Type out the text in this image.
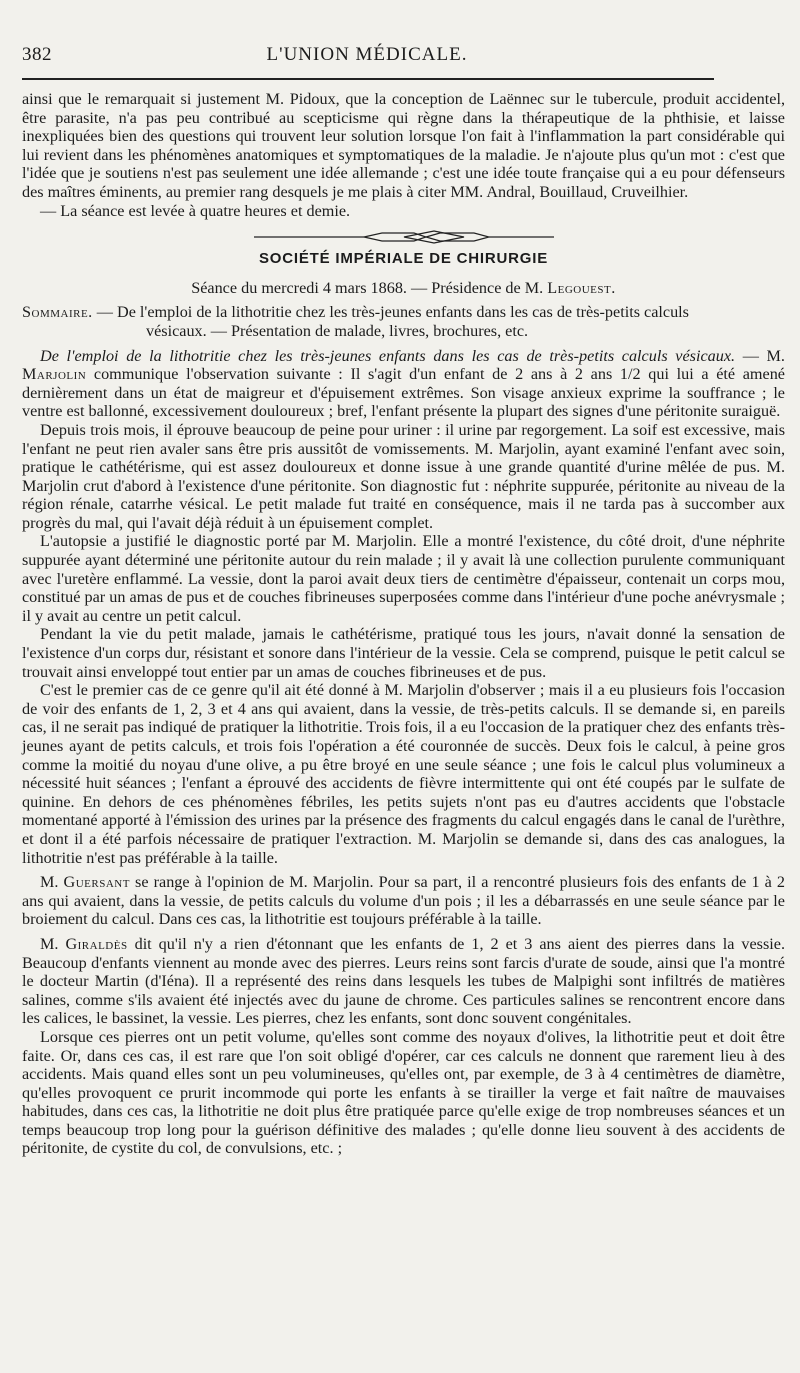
382	L'UNION MÉDICALE.

ainsi que le remarquait si justement M. Pidoux, que la conception de Laënnec sur le tubercule, produit accidentel, être parasite, n'a pas peu contribué au scepticisme qui règne dans la thérapeutique de la phthisie, et laisse inexpliquées bien des questions qui trouvent leur solution lorsque l'on fait à l'inflammation la part considérable qui lui revient dans les phénomènes anatomiques et symptomatiques de la maladie. Je n'ajoute plus qu'un mot : c'est que l'idée que je soutiens n'est pas seulement une idée allemande ; c'est une idée toute française qui a eu pour défenseurs des maîtres éminents, au premier rang desquels je me plais à citer MM. Andral, Bouillaud, Cruveilhier.

— La séance est levée à quatre heures et demie.

SOCIÉTÉ IMPÉRIALE DE CHIRURGIE
Séance du mercredi 4 mars 1868. — Présidence de M. Legouest.

Sommaire. — De l'emploi de la lithotritie chez les très-jeunes enfants dans les cas de très-petits calculs
vésicaux. — Présentation de malade, livres, brochures, etc.

De l'emploi de la lithotritie chez les très-jeunes enfants dans les cas de très-petits calculs vésicaux. — M. Marjolin communique l'observation suivante : Il s'agit d'un enfant de 2 ans à 2 ans 1/2 qui lui a été amené dernièrement dans un état de maigreur et d'épuisement extrêmes. Son visage anxieux exprime la souffrance ; le ventre est ballonné, excessivement douloureux ; bref, l'enfant présente la plupart des signes d'une péritonite suraiguë.

Depuis trois mois, il éprouve beaucoup de peine pour uriner : il urine par regorgement. La soif est excessive, mais l'enfant ne peut rien avaler sans être pris aussitôt de vomissements. M. Marjolin, ayant examiné l'enfant avec soin, pratique le cathétérisme, qui est assez douloureux et donne issue à une grande quantité d'urine mêlée de pus. M. Marjolin crut d'abord à l'existence d'une péritonite. Son diagnostic fut : néphrite suppurée, péritonite au niveau de la région rénale, catarrhe vésical. Le petit malade fut traité en conséquence, mais il ne tarda pas à succomber aux progrès du mal, qui l'avait déjà réduit à un épuisement complet.

L'autopsie a justifié le diagnostic porté par M. Marjolin. Elle a montré l'existence, du côté droit, d'une néphrite suppurée ayant déterminé une péritonite autour du rein malade ; il y avait là une collection purulente communiquant avec l'uretère enflammé. La vessie, dont la paroi avait deux tiers de centimètre d'épaisseur, contenait un corps mou, constitué par un amas de pus et de couches fibrineuses superposées comme dans l'intérieur d'une poche anévrysmale ; il y avait au centre un petit calcul.

Pendant la vie du petit malade, jamais le cathétérisme, pratiqué tous les jours, n'avait donné la sensation de l'existence d'un corps dur, résistant et sonore dans l'intérieur de la vessie. Cela se comprend, puisque le petit calcul se trouvait ainsi enveloppé tout entier par un amas de couches fibrineuses et de pus.

C'est le premier cas de ce genre qu'il ait été donné à M. Marjolin d'observer ; mais il a eu plusieurs fois l'occasion de voir des enfants de 1, 2, 3 et 4 ans qui avaient, dans la vessie, de très-petits calculs. Il se demande si, en pareils cas, il ne serait pas indiqué de pratiquer la lithotritie. Trois fois, il a eu l'occasion de la pratiquer chez des enfants très-jeunes ayant de petits calculs, et trois fois l'opération a été couronnée de succès. Deux fois le calcul, à peine gros comme la moitié du noyau d'une olive, a pu être broyé en une seule séance ; une fois le calcul plus volumineux a nécessité huit séances ; l'enfant a éprouvé des accidents de fièvre intermittente qui ont été coupés par le sulfate de quinine. En dehors de ces phénomènes fébriles, les petits sujets n'ont pas eu d'autres accidents que l'obstacle momentané apporté à l'émission des urines par la présence des fragments du calcul engagés dans le canal de l'urèthre, et dont il a été parfois nécessaire de pratiquer l'extraction. M. Marjolin se demande si, dans des cas analogues, la lithotritie n'est pas préférable à la taille.

M. Guersant se range à l'opinion de M. Marjolin. Pour sa part, il a rencontré plusieurs fois des enfants de 1 à 2 ans qui avaient, dans la vessie, de petits calculs du volume d'un pois ; il les a débarrassés en une seule séance par le broiement du calcul. Dans ces cas, la lithotritie est toujours préférable à la taille.

M. Giraldès dit qu'il n'y a rien d'étonnant que les enfants de 1, 2 et 3 ans aient des pierres dans la vessie. Beaucoup d'enfants viennent au monde avec des pierres. Leurs reins sont farcis d'urate de soude, ainsi que l'a montré le docteur Martin (d'Iéna). Il a représenté des reins dans lesquels les tubes de Malpighi sont infiltrés de matières salines, comme s'ils avaient été injectés avec du jaune de chrome. Ces particules salines se rencontrent encore dans les calices, le bassinet, la vessie. Les pierres, chez les enfants, sont donc souvent congénitales.

Lorsque ces pierres ont un petit volume, qu'elles sont comme des noyaux d'olives, la lithotritie peut et doit être faite. Or, dans ces cas, il est rare que l'on soit obligé d'opérer, car ces calculs ne donnent que rarement lieu à des accidents. Mais quand elles sont un peu volumineuses, qu'elles ont, par exemple, de 3 à 4 centimètres de diamètre, qu'elles provoquent ce prurit incommode qui porte les enfants à se tirailler la verge et fait naître de mauvaises habitudes, dans ces cas, la lithotritie ne doit plus être pratiquée parce qu'elle exige de trop nombreuses séances et un temps beaucoup trop long pour la guérison définitive des malades ; qu'elle donne lieu souvent à des accidents de péritonite, de cystite du col, de convulsions, etc. ;
